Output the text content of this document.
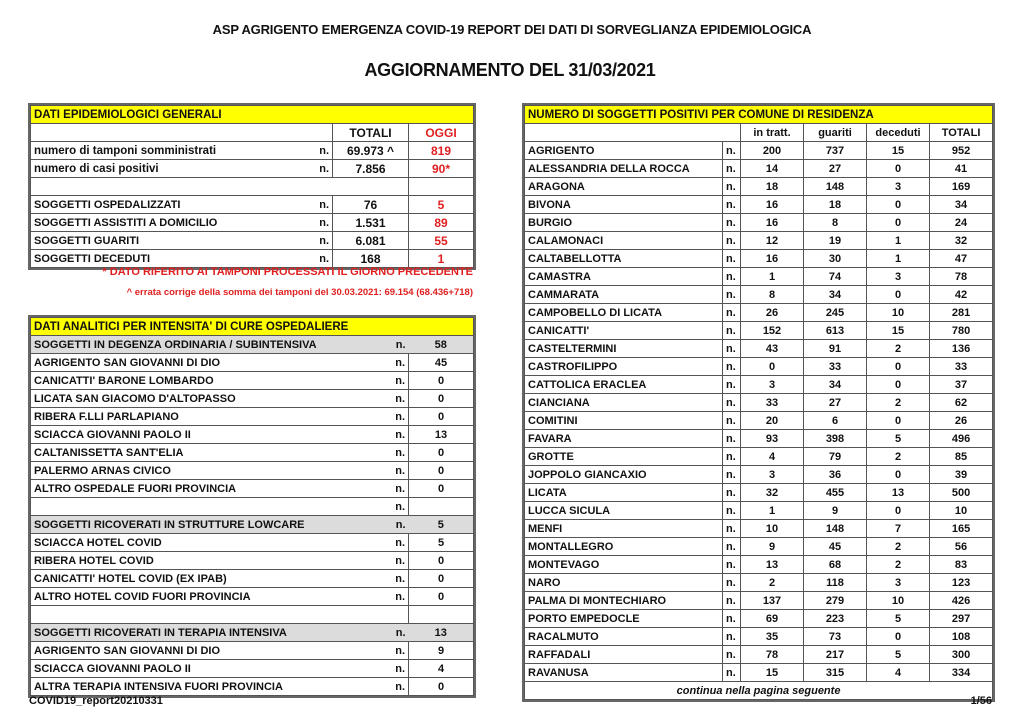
ASP AGRIGENTO EMERGENZA COVID-19 REPORT DEI DATI DI SORVEGLIANZA EPIDEMIOLOGICA
AGGIORNAMENTO DEL 31/03/2021
DATI EPIDEMIOLOGICI GENERALI			
		TOTALI	OGGI
numero di tamponi somministrati	n.	69.973 ^	819
numero di casi positivi	n.	7.856	90*

SOGGETTI OSPEDALIZZATI	n.	76	5
SOGGETTI ASSISTITI A DOMICILIO	n.	1.531	89
SOGGETTI GUARITI	n.	6.081	55
SOGGETTI DECEDUTI	n.	168	1
* DATO RIFERITO AI TAMPONI PROCESSATI IL GIORNO PRECEDENTE
^ errata corrige della somma dei tamponi del 30.03.2021: 69.154 (68.436+718)
DATI ANALITICI PER INTENSITA' DI CURE OSPEDALIERE		
SOGGETTI IN DEGENZA ORDINARIA / SUBINTENSIVA	n.	58
AGRIGENTO SAN GIOVANNI DI DIO	n.	45
CANICATTI' BARONE LOMBARDO	n.	0
LICATA SAN GIACOMO D'ALTOPASSO	n.	0
RIBERA F.LLI PARLAPIANO	n.	0
SCIACCA GIOVANNI PAOLO II	n.	13
CALTANISSETTA SANT'ELIA	n.	0
PALERMO ARNAS CIVICO	n.	0
ALTRO OSPEDALE FUORI PROVINCIA	n.	0
	n.	
SOGGETTI RICOVERATI IN STRUTTURE LOWCARE	n.	5
SCIACCA HOTEL COVID	n.	5
RIBERA HOTEL COVID	n.	0
CANICATTI' HOTEL COVID (EX IPAB)	n.	0
ALTRO HOTEL COVID FUORI PROVINCIA	n.	0

SOGGETTI RICOVERATI IN TERAPIA INTENSIVA	n.	13
AGRIGENTO SAN GIOVANNI DI DIO	n.	9
SCIACCA GIOVANNI PAOLO II	n.	4
ALTRA TERAPIA INTENSIVA FUORI PROVINCIA	n.	0
NUMERO DI SOGGETTI POSITIVI PER COMUNE DI RESIDENZA					
		in tratt.	guariti	deceduti	TOTALI
AGRIGENTO	n.	200	737	15	952
ALESSANDRIA DELLA ROCCA	n.	14	27	0	41
ARAGONA	n.	18	148	3	169
BIVONA	n.	16	18	0	34
BURGIO	n.	16	8	0	24
CALAMONACI	n.	12	19	1	32
CALTABELLOTTA	n.	16	30	1	47
CAMASTRA	n.	1	74	3	78
CAMMARATA	n.	8	34	0	42
CAMPOBELLO DI LICATA	n.	26	245	10	281
CANICATTI'	n.	152	613	15	780
CASTELTERMINI	n.	43	91	2	136
CASTROFILIPPO	n.	0	33	0	33
CATTOLICA ERACLEA	n.	3	34	0	37
CIANCIANA	n.	33	27	2	62
COMITINI	n.	20	6	0	26
FAVARA	n.	93	398	5	496
GROTTE	n.	4	79	2	85
JOPPOLO GIANCAXIO	n.	3	36	0	39
LICATA	n.	32	455	13	500
LUCCA SICULA	n.	1	9	0	10
MENFI	n.	10	148	7	165
MONTALLEGRO	n.	9	45	2	56
MONTEVAGO	n.	13	68	2	83
NARO	n.	2	118	3	123
PALMA DI MONTECHIARO	n.	137	279	10	426
PORTO EMPEDOCLE	n.	69	223	5	297
RACALMUTO	n.	35	73	0	108
RAFFADALI	n.	78	217	5	300
RAVANUSA	n.	15	315	4	334
continua nella pagina seguente					
COVID19_report20210331	1/56
